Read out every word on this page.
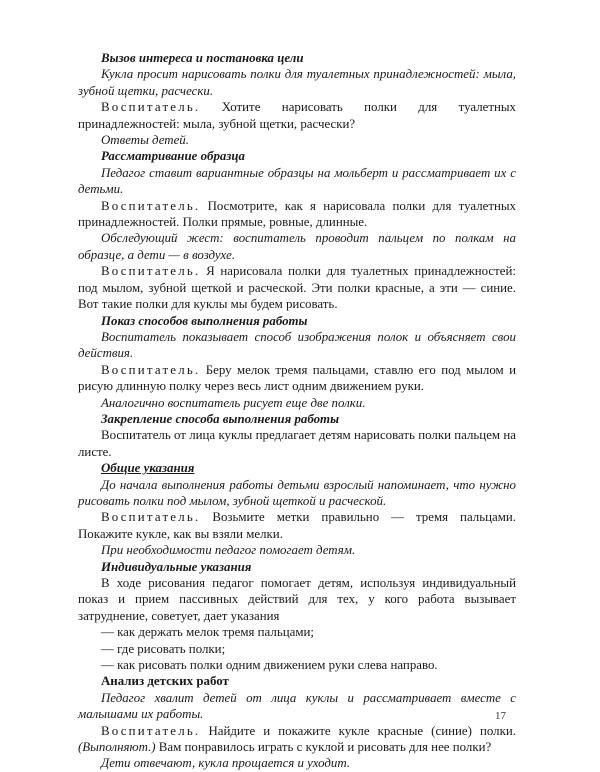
Вызов интереса и постановка цели

Кукла просит нарисовать полки для туалетных принадлежностей: мыла, зубной щетки, расчески.

Воспитатель. Хотите нарисовать полки для туалетных принадлежностей: мыла, зубной щетки, расчески?

Ответы детей.

Рассматривание образца

Педагог ставит вариантные образцы на мольберт и рассматривает их с детьми.

Воспитатель. Посмотрите, как я нарисовала полки для туалетных принадлежностей. Полки прямые, ровные, длинные.

Обследующий жест: воспитатель проводит пальцем по полкам на образце, а дети — в воздухе.

Воспитатель. Я нарисовала полки для туалетных принадлежностей: под мылом, зубной щеткой и расческой. Эти полки красные, а эти — синие. Вот такие полки для куклы мы будем рисовать.

Показ способов выполнения работы

Воспитатель показывает способ изображения полок и объясняет свои действия.

Воспитатель. Беру мелок тремя пальцами, ставлю его под мылом и рисую длинную полку через весь лист одним движением руки.

Аналогично воспитатель рисует еще две полки.

Закрепление способа выполнения работы

Воспитатель от лица куклы предлагает детям нарисовать полки пальцем на листе.

Общие указания

До начала выполнения работы детьми взрослый напоминает, что нужно рисовать полки под мылом, зубной щеткой и расческой.

Воспитатель. Возьмите метки правильно — тремя пальцами. Покажите кукле, как вы взяли мелки.

При необходимости педагог помогает детям.

Индивидуальные указания

В ходе рисования педагог помогает детям, используя индивидуальный показ и прием пассивных действий для тех, у кого работа вызывает затруднение, советует, дает указания

— как держать мелок тремя пальцами;

— где рисовать полки;

— как рисовать полки одним движением руки слева направо.

Анализ детских работ

Педагог хвалит детей от лица куклы и рассматривает вместе с малышами их работы.

Воспитатель. Найдите и покажите кукле красные (синие) полки. (Выполняют.) Вам понравилось играть с куклой и рисовать для нее полки?

Дети отвечают, кукла прощается и уходит.

17
